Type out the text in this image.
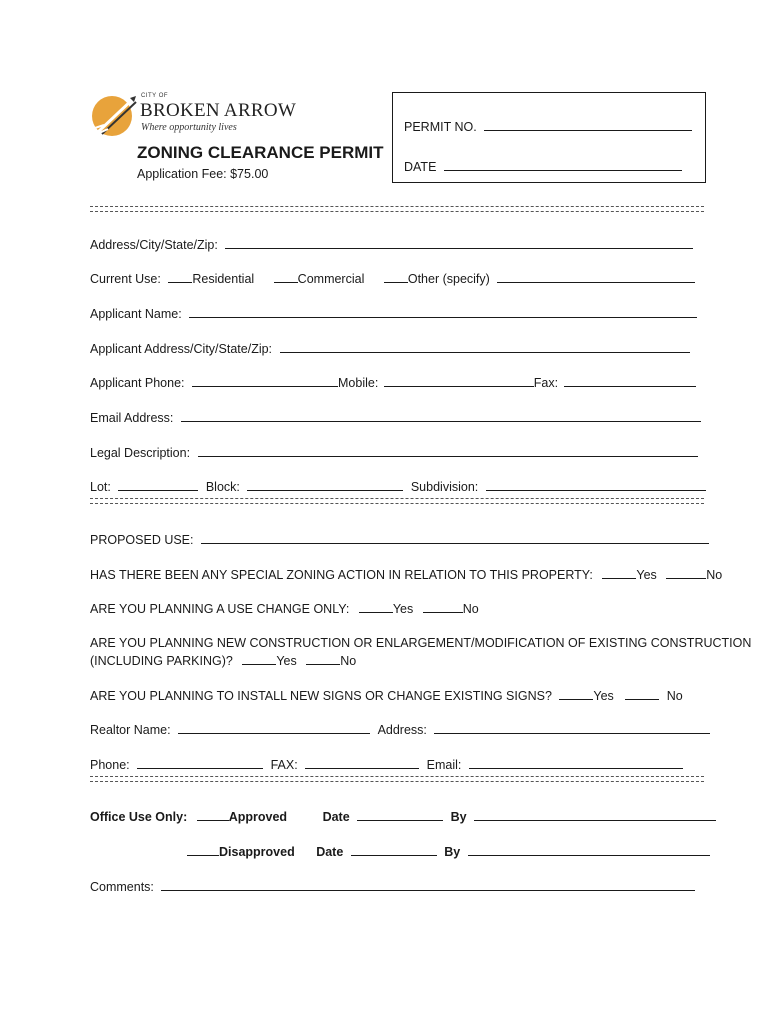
CITY OF
BROKEN ARROW
Where opportunity lives
ZONING CLEARANCE PERMIT
Application Fee: $75.00
PERMIT NO.
DATE
Address/City/State/Zip:
Current Use:	Residential	Commercial	Other (specify)
Applicant Name:
Applicant Address/City/State/Zip:
Applicant Phone:	Mobile:	Fax:
Email Address:
Legal Description:
Lot:	Block:	Subdivision:
PROPOSED USE:
HAS THERE BEEN ANY SPECIAL ZONING ACTION IN RELATION TO THIS PROPERTY:	Yes	No
ARE YOU PLANNING A USE CHANGE ONLY:	Yes	No
ARE YOU PLANNING NEW CONSTRUCTION OR ENLARGEMENT/MODIFICATION OF EXISTING CONSTRUCTION
(INCLUDING PARKING)?	Yes	No
ARE YOU PLANNING TO INSTALL NEW SIGNS OR CHANGE EXISTING SIGNS?	Yes	No
Realtor Name:	Address:
Phone:	FAX:	Email:
Office Use Only:	Approved	Date	By
Disapproved Date	By
Comments:
